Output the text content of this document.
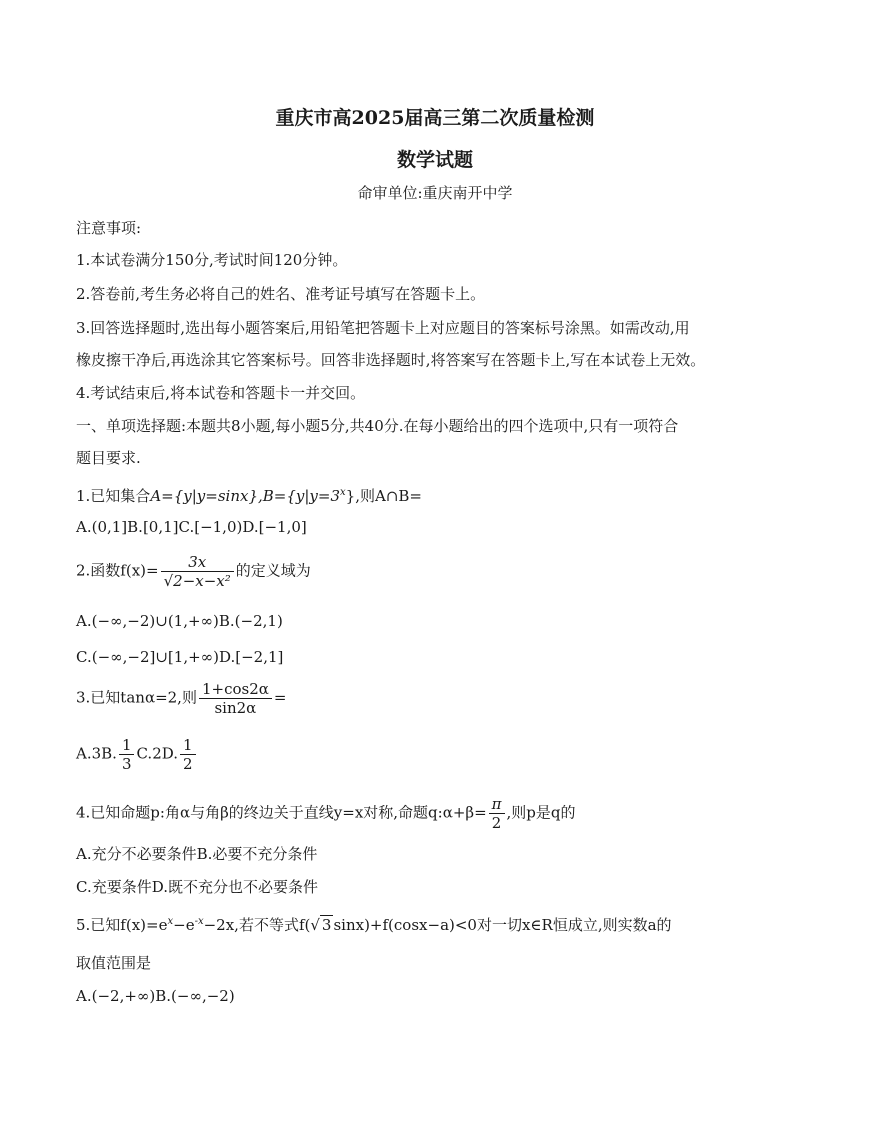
重庆市高2025届高三第二次质量检测
数学试题
命审单位:重庆南开中学
注意事项:
1.本试卷满分150分,考试时间120分钟。
2.答卷前,考生务必将自己的姓名、准考证号填写在答题卡上。
3.回答选择题时,选出每小题答案后,用铅笔把答题卡上对应题目的答案标号涂黑。如需改动,用
橡皮擦干净后,再选涂其它答案标号。回答非选择题时,将答案写在答题卡上,写在本试卷上无效。
4.考试结束后,将本试卷和答题卡一并交回。
一、单项选择题:本题共8小题,每小题5分,共40分.在每小题给出的四个选项中,只有一项符合
题目要求.
1.已知集合$A=\{y|y=\sin x\},B=\{y|y=3^x\}$,则A∩B=
A.(0,1]B.[0,1]C.[−1,0)D.[−1,0]
2.函数$f(x)= \frac{3x}{\text{√2−x−x²}}$ 的定义域为
A.(−∞,−2)∪(1,+∞)B.(−2,1)
C.(−∞,−2]∪[1,+∞)D.[−2,1]
3.已知tanα=2,则 $\frac{1+\cos 2\alpha}{\sin 2\alpha}$ =
A.3B. $\frac{1}{3} C.2D$. $\frac{1}{2}$
4.已知命题p:角α与角β的终边关于直线y=x对称,命题q:α+β= $\frac{\pi}{2}$ ,则p是q的
A.充分不必要条件B.必要不充分条件
C.充要条件D.既不充分也不必要条件
5.已知$f(x)=e^x-e^{-x}-2x$,若不等式f(√ 3 sinx)+f(cosx−a)<0对一切x∈R恒成立,则实数a的
取值范围是
A.(−2,+∞)B.(−∞,−2)
